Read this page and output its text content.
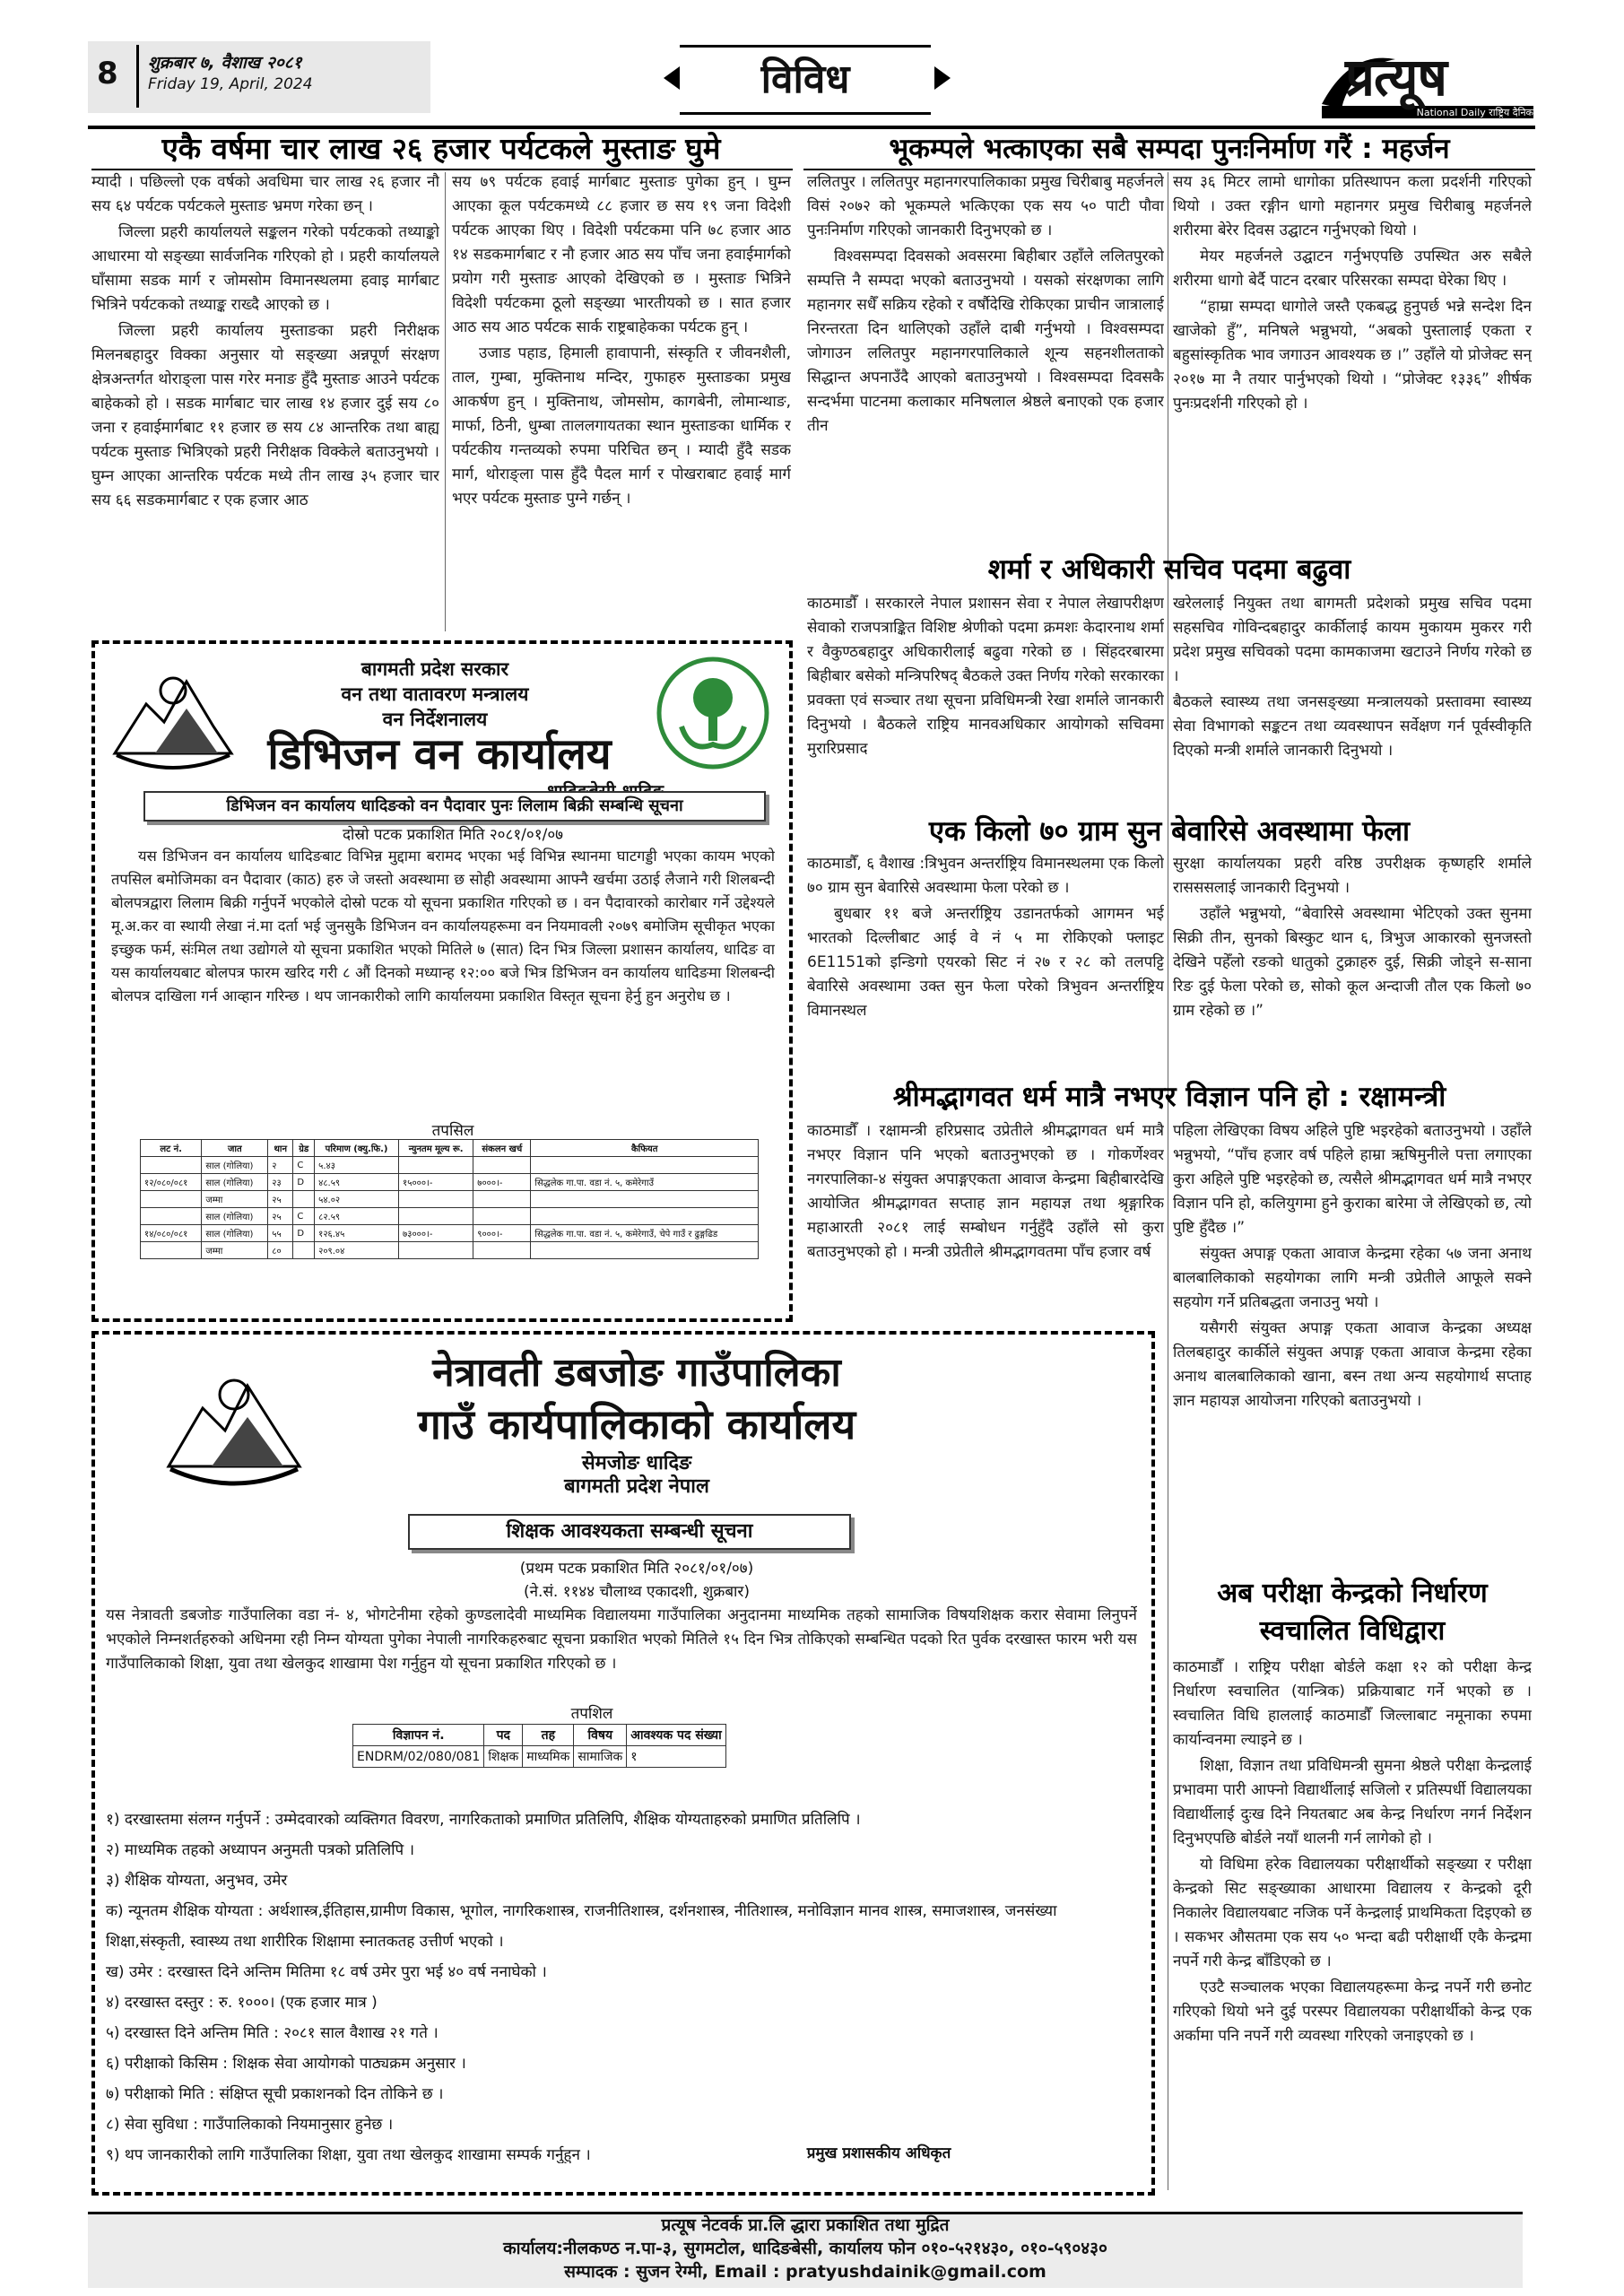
8 शुक्रबार ७, वैशाख २०८१
Friday 19, April, 2024	विविध	प्रत्यूष
National Daily राष्ट्रिय दैनिक
एकै वर्षमा चार लाख २६ हजार पर्यटकले मुस्ताङ घुमे

म्यादी । पछिल्लो एक वर्षको अवधिमा चार लाख २६ हजार नौ सय ६४ पर्यटक पर्यटकले मुस्ताङ भ्रमण गरेका छन् ।

जिल्ला प्रहरी कार्यालयले सङ्कलन गरेको पर्यटकको तथ्याङ्को आधारमा यो सङ्ख्या सार्वजनिक गरिएको हो । प्रहरी कार्यालयले घाँसामा सडक मार्ग र जोमसोम विमानस्थलमा हवाइ मार्गबाट भित्रिने पर्यटकको तथ्याङ्क राख्दै आएको छ ।

जिल्ला प्रहरी कार्यालय मुस्ताङका प्रहरी निरीक्षक मिलनबहादुर विक्का अनुसार यो सङ्ख्या अन्नपूर्ण संरक्षण क्षेत्रअन्तर्गत थोराङ्ला पास गरेर मनाङ हुँदै मुस्ताङ आउने पर्यटक बाहेकको हो । सडक मार्गबाट चार लाख १४ हजार दुई सय ८० जना र हवाईमार्गबाट ११ हजार छ सय ८४ आन्तरिक तथा बाह्य पर्यटक मुस्ताङ भित्रिएको प्रहरी निरीक्षक विक्केले बताउनुभयो । घुम्न आएका आन्तरिक पर्यटक मध्ये तीन लाख ३५ हजार चार सय ६६ सडकमार्गबाट र एक हजार आठ

सय ७९ पर्यटक हवाई मार्गबाट मुस्ताङ पुगेका हुन् । घुम्न आएका कूल पर्यटकमध्ये ८८ हजार छ सय १९ जना विदेशी पर्यटक आएका थिए । विदेशी पर्यटकमा पनि ७८ हजार आठ १४ सडकमार्गबाट र नौ हजार आठ सय पाँच जना हवाईमार्गको प्रयोग गरी मुस्ताङ आएको देखिएको छ । मुस्ताङ भित्रिने विदेशी पर्यटकमा ठूलो सङ्ख्या भारतीयको छ । सात हजार आठ सय आठ पर्यटक सार्क राष्ट्रबाहेकका पर्यटक हुन् ।

उजाड पहाड, हिमाली हावापानी, संस्कृति र जीवनशैली, ताल, गुम्बा, मुक्तिनाथ मन्दिर, गुफाहरु मुस्ताङका प्रमुख आकर्षण हुन् । मुक्तिनाथ, जोमसोम, कागबेनी, लोमान्थाङ, मार्फा, ठिनी, धुम्बा ताललगायतका स्थान मुस्ताङका धार्मिक र पर्यटकीय गन्तव्यको रुपमा परिचित छन् । म्यादी हुँदै सडक मार्ग, थोराङ्ला पास हुँदै पैदल मार्ग र पोखराबाट हवाई मार्ग भएर पर्यटक मुस्ताङ पुग्ने गर्छन् ।

बागमती प्रदेश सरकार
वन तथा वातावरण मन्त्रालय
वन निर्देशनालय
डिभिजन वन कार्यालय
डिभिजन वन कार्यालय धादिङको वन पैदावार पुनः लिलाम बिक्री सम्बन्धि सूचना
दोस्रो पटक प्रकाशित मिति २०८१/०१/०७

यस डिभिजन वन कार्यालय धादिङबाट विभिन्न मुद्दामा बरामद भएका भई विभिन्न स्थानमा घाटगड्डी भएका कायम भएको तपसिल बमोजिमका वन पैदावार (काठ) हरु जे जस्तो अवस्थामा छ सोही अवस्थामा आफ्नै खर्चमा उठाई लैजाने गरी शिलबन्दी बोलपत्रद्वारा लिलाम बिक्री गर्नुपर्ने भएकोले दोस्रो पटक यो सूचना प्रकाशित गरिएको छ । वन पैदावारको कारोबार गर्ने उद्देश्यले मू.अ.कर वा स्थायी लेखा नं.मा दर्ता भई जुनसुकै डिभिजन वन कार्यालयहरूमा वन नियमावली २०७९ बमोजिम सूचीकृत भएका इच्छुक फर्म, संःमिल तथा उद्योगले यो सूचना प्रकाशित भएको मितिले ७ (सात) दिन भित्र जिल्ला प्रशासन कार्यालय, धादिङ वा यस कार्यालयबाट बोलपत्र फारम खरिद गरी ८ औं दिनको मध्यान्ह १२:०० बजे भित्र डिभिजन वन कार्यालय धादिङमा शिलबन्दी बोलपत्र दाखिला गर्न आव्हान गरिन्छ । थप जानकारीको लागि कार्यालयमा प्रकाशित विस्तृत सूचना हेर्नु हुन अनुरोध छ ।

तपसिल
लट नं.	जात	थान	ग्रेड	परिमाण (क्यु.फि.)	न्युनतम मूल्य रू.	संकलन खर्च	कैफियत
	साल (गोलिया)	२	C	५.४३			
१२/०८०/०८१	साल (गोलिया)	२३	D	४८.५९	१५०००।-	७०००।-	सिद्धलेक गा.पा. वडा नं. ५, कमेरेगाउँ
	जम्मा	२५		५४.०२			
	साल (गोलिया)	२५	C	८२.५९			
१४/०८०/०८१	साल (गोलिया)	५५	D	१२६.४५	७३०००।-	९०००।-	सिद्धलेक गा.पा. वडा नं. ५, कमेरेगाउँ, चेपे गाउँ र ढुङ्गढिड
	जम्मा	८०		२०९.०४			
नेत्रावती डबजोङ गाउँपालिका
गाउँ कार्यपालिकाको कार्यालय
सेमजोङ धादिङ
बागमती प्रदेश नेपाल
शिक्षक आवश्यकता सम्बन्धी सूचना
(प्रथम पटक प्रकाशित मिति २०८१/०१/०७)
(ने.सं. ११४४ चौलाथ्व एकादशी, शुक्रबार)

यस नेत्रावती डबजोङ गाउँपालिका वडा नं- ४, भोगटेनीमा रहेको कुण्डलादेवी माध्यमिक विद्यालयमा गाउँपालिका अनुदानमा माध्यमिक तहको सामाजिक विषयशिक्षक करार सेवामा लिनुपर्ने भएकोले निम्नशर्तहरुको अधिनमा रही निम्न योग्यता पुगेका नेपाली नागरिकहरुबाट सूचना प्रकाशित भएको मितिले १५ दिन भित्र तोकिएको सम्बन्धित पदको रित पुर्वक दरखास्त फारम भरी यस गाउँपालिकाको शिक्षा, युवा तथा खेलकुद शाखामा पेश गर्नुहुन यो सूचना प्रकाशित गरिएको छ ।

तपशिल
विज्ञापन नं.	पद	तह	विषय	आवश्यक पद संख्या
ENDRM/02/080/081	शिक्षक	माध्यमिक	सामाजिक	१
१) दरखास्तमा संलग्न गर्नुपर्ने : उम्मेदवारको व्यक्तिगत विवरण, नागरिकताको प्रमाणित प्रतिलिपि, शैक्षिक योग्यताहरुको प्रमाणित प्रतिलिपि ।
२) माध्यमिक तहको अध्यापन अनुमती पत्रको प्रतिलिपि ।
३) शैक्षिक योग्यता, अनुभव, उमेर
क) न्यूनतम शैक्षिक योग्यता : अर्थशास्त्र,ईतिहास,ग्रामीण विकास, भूगोल, नागरिकशास्त्र, राजनीतिशास्त्र, दर्शनशास्त्र, नीतिशास्त्र, मनोविज्ञान मानव शास्त्र, समाजशास्त्र, जनसंख्या शिक्षा,संस्कृती, स्वास्थ्य तथा शारीरिक शिक्षामा स्नातकतह उत्तीर्ण भएको ।
ख) उमेर : दरखास्त दिने अन्तिम मितिमा १८ वर्ष उमेर पुरा भई ४० वर्ष ननाघेको ।
४) दरखास्त दस्तुर : रु. १०००। (एक हजार मात्र )
५) दरखास्त दिने अन्तिम मिति : २०८१ साल वैशाख २१ गते ।
६) परीक्षाको किसिम : शिक्षक सेवा आयोगको पाठ्यक्रम अनुसार ।
७) परीक्षाको मिति : संक्षिप्त सूची प्रकाशनको दिन तोकिने छ ।
८) सेवा सुविधा : गाउँपालिकाको नियमानुसार हुनेछ ।
९) थप जानकारीको लागि गाउँपालिका शिक्षा, युवा तथा खेलकुद शाखामा सम्पर्क गर्नुहुन ।	प्रमुख प्रशासकीय अधिकृत
भूकम्पले भत्काएका सबै सम्पदा पुनःनिर्माण गरैं : महर्जन

ललितपुर । ललितपुर महानगरपालिकाका प्रमुख चिरीबाबु महर्जनले विसं २०७२ को भूकम्पले भत्किएका एक सय ५० पाटी पौवा पुनःनिर्माण गरिएको जानकारी दिनुभएको छ ।

विश्वसम्पदा दिवसको अवसरमा बिहीबार उहाँले ललितपुरको सम्पत्ति नै सम्पदा भएको बताउनुभयो । यसको संरक्षणका लागि महानगर सधैँ सक्रिय रहेको र वर्षौदेखि रोकिएका प्राचीन जात्रालाई निरन्तरता दिन थालिएको उहाँले दाबी गर्नुभयो । विश्वसम्पदा जोगाउन ललितपुर महानगरपालिकाले शून्य सहनशीलताको सिद्धान्त अपनाउँदै आएको बताउनुभयो । विश्वसम्पदा दिवसकै सन्दर्भमा पाटनमा कलाकार मनिषलाल श्रेष्ठले बनाएको एक हजार तीन

सय ३६ मिटर लामो धागोका प्रतिस्थापन कला प्रदर्शनी गरिएको थियो । उक्त रङ्गीन धागो महानगर प्रमुख चिरीबाबु महर्जनले शरीरमा बेरेर दिवस उद्घाटन गर्नुभएको थियो ।

मेयर महर्जनले उद्घाटन गर्नुभएपछि उपस्थित अरु सबैले शरीरमा धागो बेर्दै पाटन दरबार परिसरका सम्पदा घेरेका थिए ।

“हाम्रा सम्पदा धागोले जस्तै एकबद्ध हुनुपर्छ भन्ने सन्देश दिन खाजेको हुँ”, मनिषले भन्नुभयो, “अबको पुस्तालाई एकता र बहुसांस्कृतिक भाव जगाउन आवश्यक छ ।” उहाँले यो प्रोजेक्ट सन् २०१७ मा नै तयार पार्नुभएको थियो । “प्रोजेक्ट १३३६” शीर्षक पुनःप्रदर्शनी गरिएको हो ।

शर्मा र अधिकारी सचिव पदमा बढुवा

काठमाडौँ । सरकारले नेपाल प्रशासन सेवा र नेपाल लेखापरीक्षण सेवाको राजपत्राङ्कित विशिष्ट श्रेणीको पदमा क्रमशः केदारनाथ शर्मा र वैकुण्ठबहादुर अधिकारीलाई बढुवा गरेको छ । सिंहदरबारमा बिहीबार बसेको मन्त्रिपरिषद् बैठकले उक्त निर्णय गरेको सरकारका प्रवक्ता एवं सञ्चार तथा सूचना प्रविधिमन्त्री रेखा शर्माले जानकारी दिनुभयो । बैठकले राष्ट्रिय मानवअधिकार आयोगको सचिवमा मुरारिप्रसाद

खरेललाई नियुक्त तथा बागमती प्रदेशको प्रमुख सचिव पदमा सहसचिव गोविन्दबहादुर कार्कीलाई कायम मुकायम मुकरर गरी प्रदेश प्रमुख सचिवको पदमा कामकाजमा खटाउने निर्णय गरेको छ ।

बैठकले स्वास्थ्य तथा जनसङ्ख्या मन्त्रालयको प्रस्तावमा स्वास्थ्य सेवा विभागको सङ्कटन तथा व्यवस्थापन सर्वेक्षण गर्न पूर्वस्वीकृति दिएको मन्त्री शर्माले जानकारी दिनुभयो ।

एक किलो ७० ग्राम सुन बेवारिसे अवस्थामा फेला

काठमाडौँ, ६ वैशाख :त्रिभुवन अन्तर्राष्ट्रिय विमानस्थलमा एक किलो ७० ग्राम सुन बेवारिसे अवस्थामा फेला परेको छ ।

बुधबार ११ बजे अन्तर्राष्ट्रिय उडानतर्फको आगमन भई भारतको दिल्लीबाट आई वे नं ५ मा रोकिएको फ्लाइट 6E1151को इन्डिगो एयरको सिट नं २७ र २८ को तलपट्टि बेवारिसे अवस्थामा उक्त सुन फेला परेको त्रिभुवन अन्तर्राष्ट्रिय विमानस्थल

सुरक्षा कार्यालयका प्रहरी वरिष्ठ उपरीक्षक कृष्णहरि शर्माले रासससलाई जानकारी दिनुभयो ।

उहाँले भन्नुभयो, “बेवारिसे अवस्थामा भेटिएको उक्त सुनमा सिक्री तीन, सुनको बिस्कुट थान ६, त्रिभुज आकारको सुनजस्तो देखिने पहेँलो रङको धातुको टुक्राहरु दुई, सिक्री जोड्ने स-साना रिङ दुई फेला परेको छ, सोको कूल अन्दाजी तौल एक किलो ७० ग्राम रहेको छ ।”

श्रीमद्भागवत धर्म मात्रै नभएर विज्ञान पनि हो : रक्षामन्त्री

काठमाडौँ । रक्षामन्त्री हरिप्रसाद उप्रेतीले श्रीमद्भागवत धर्म मात्रै नभएर विज्ञान पनि भएको बताउनुभएको छ । गोकर्णेश्वर नगरपालिका-४ संयुक्त अपाङ्गएकता आवाज केन्द्रमा बिहीबारदेखि आयोजित श्रीमद्भागवत सप्ताह ज्ञान महायज्ञ तथा श्रृङ्गारिक महाआरती २०८१ लाई सम्बोधन गर्नुहुँदै उहाँले सो कुरा बताउनुभएको हो । मन्त्री उप्रेतीले श्रीमद्भागवतमा पाँच हजार वर्ष

पहिला लेखिएका विषय अहिले पुष्टि भइरहेको बताउनुभयो । उहाँले भन्नुभयो, “पाँच हजार वर्ष पहिले हाम्रा ऋषिमुनीले पत्ता लगाएका कुरा अहिले पुष्टि भइरहेको छ, त्यसैले श्रीमद्भागवत धर्म मात्रै नभएर विज्ञान पनि हो, कलियुगमा हुने कुराका बारेमा जे लेखिएको छ, त्यो पुष्टि हुँदैछ ।”

संयुक्त अपाङ्ग एकता आवाज केन्द्रमा रहेका ५७ जना अनाथ बालबालिकाको सहयोगका लागि मन्त्री उप्रेतीले आफूले सक्ने सहयोग गर्ने प्रतिबद्धता जनाउनु भयो ।

यसैगरी संयुक्त अपाङ्ग एकता आवाज केन्द्रका अध्यक्ष तिलबहादुर कार्कीले संयुक्त अपाङ्ग एकता आवाज केन्द्रमा रहेका अनाथ बालबालिकाको खाना, बस्न तथा अन्य सहयोगार्थ सप्ताह ज्ञान महायज्ञ आयोजना गरिएको बताउनुभयो ।

अब परीक्षा केन्द्रको निर्धारण
स्वचालित विधिद्वारा

काठमाडौँ । राष्ट्रिय परीक्षा बोर्डले कक्षा १२ को परीक्षा केन्द्र निर्धारण स्वचालित (यान्त्रिक) प्रक्रियाबाट गर्ने भएको छ । स्वचालित विधि हाललाई काठमाडौँ जिल्लाबाट नमूनाका रुपमा कार्यान्वनमा ल्याइने छ ।

शिक्षा, विज्ञान तथा प्रविधिमन्त्री सुमना श्रेष्ठले परीक्षा केन्द्रलाई प्रभावमा पारी आफ्नो विद्यार्थीलाई सजिलो र प्रतिस्पर्धी विद्यालयका विद्यार्थीलाई दुःख दिने नियतबाट अब केन्द्र निर्धारण नगर्न निर्देशन दिनुभएपछि बोर्डले नयाँ थालनी गर्न लागेको हो ।

यो विधिमा हरेक विद्यालयका परीक्षार्थीको सङ्ख्या र परीक्षा केन्द्रको सिट सङ्ख्याका आधारमा विद्यालय र केन्द्रको दूरी निकालेर विद्यालयबाट नजिक पर्ने केन्द्रलाई प्राथमिकता दिइएको छ । सकभर औसतमा एक सय ५० भन्दा बढी परीक्षार्थी एकै केन्द्रमा नपर्ने गरी केन्द्र बाँडिएको छ ।

एउटै सञ्चालक भएका विद्यालयहरूमा केन्द्र नपर्ने गरी छनोट गरिएको थियो भने दुई परस्पर विद्यालयका परीक्षार्थीको केन्द्र एक अर्कामा पनि नपर्ने गरी व्यवस्था गरिएको जनाइएको छ ।

प्रत्यूष नेटवर्क प्रा.लि द्धारा प्रकाशित तथा मुद्रित
कार्यालय:नीलकण्ठ न.पा-३, सुगमटोल, धादिङबेसी, कार्यालय फोन ०१०-५२१४३०, ०१०-५९०४३०
सम्पादक : सुजन रेग्मी, Email : pratyushdainik@gmail.com
